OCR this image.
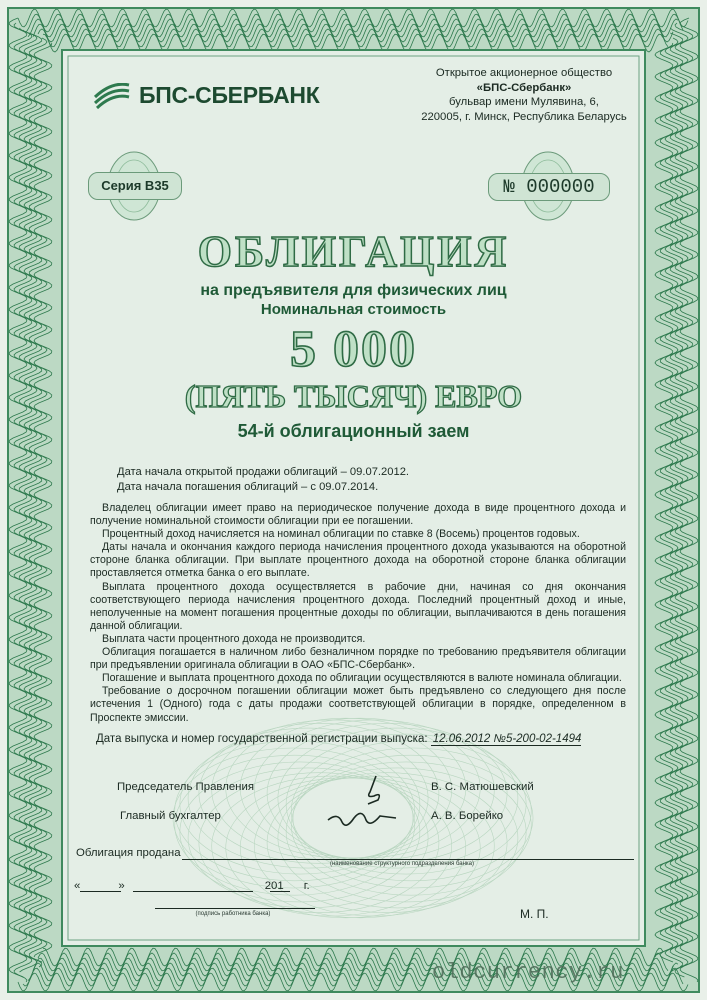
БПС-СБЕРБАНК
Открытое акционерное общество
«БПС-Сбербанк»
бульвар имени Мулявина, 6,
220005, г. Минск, Республика Беларусь
Серия В35	№ 000000
ОБЛИГАЦИЯ
на предъявителя для физических лиц
Номинальная стоимость
5 000
(ПЯТЬ ТЫСЯЧ) ЕВРО
54-й облигационный заем
Дата начала открытой продажи облигаций – 09.07.2012.
Дата начала погашения облигаций – с 09.07.2014.

Владелец облигации имеет право на периодическое получение дохода в виде процентного дохода и получение номинальной стоимости облигации при ее погашении.

Процентный доход начисляется на номинал облигации по ставке 8 (Восемь) процентов годовых.

Даты начала и окончания каждого периода начисления процентного дохода указываются на оборотной стороне бланка облигации. При выплате процентного дохода на оборотной стороне бланка облигации проставляется отметка банка о его выплате.

Выплата процентного дохода осуществляется в рабочие дни, начиная со дня окончания соответствующего периода начисления процентного дохода. Последний процентный доход и иные, неполученные на момент погашения процентные доходы по облигации, выплачиваются в день погашения данной облигации.

Выплата части процентного дохода не производится.

Облигация погашается в наличном либо безналичном порядке по требованию предъявителя облигации при предъявлении оригинала облигации в ОАО «БПС-Сбербанк».

Погашение и выплата процентного дохода по облигации осуществляются в валюте номинала облигации.

Требование о досрочном погашении облигации может быть предъявлено со следующего дня после истечения 1 (Одного) года с даты продажи соответствующей облигации в порядке, определенном в Проспекте эмиссии.

Дата выпуска и номер государственной регистрации выпуска: 12.06.2012 №5-200-02-1494
Председатель Правления	В. С. Матюшевский
Главный бухгалтер	А. В. Борейко
Облигация продана
(наименование структурного подразделения банка)
«	»	201 г.
(подпись работника банка)	М. П.
oldcurrency.ru
